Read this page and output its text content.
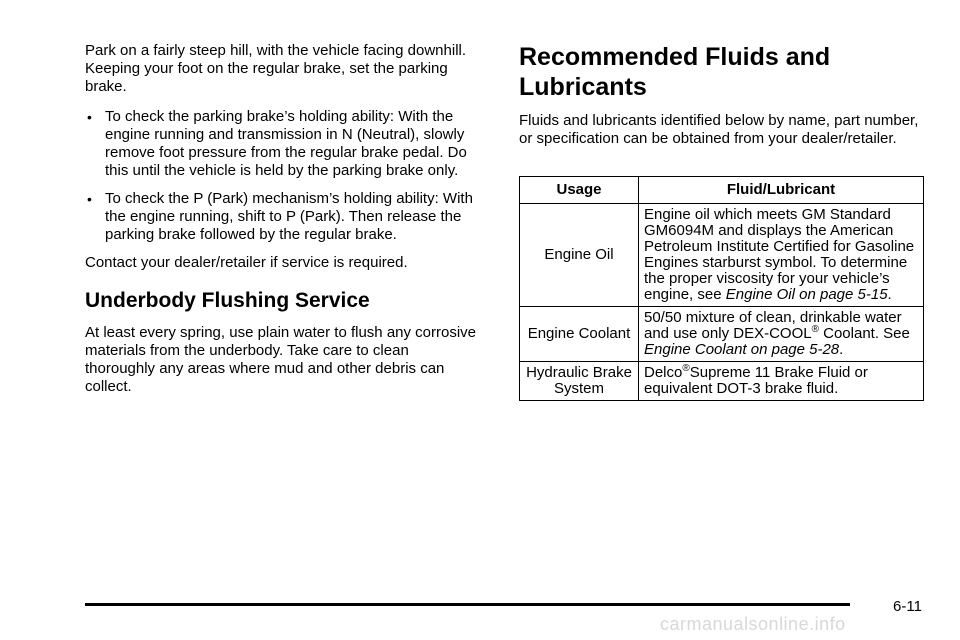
Park on a fairly steep hill, with the vehicle facing downhill. Keeping your foot on the regular brake, set the parking brake.

• To check the parking brake’s holding ability: With the engine running and transmission in N (Neutral), slowly remove foot pressure from the regular brake pedal. Do this until the vehicle is held by the parking brake only.
• To check the P (Park) mechanism’s holding ability: With the engine running, shift to P (Park). Then release the parking brake followed by the regular brake.

Contact your dealer/retailer if service is required.

Underbody Flushing Service

At least every spring, use plain water to flush any corrosive materials from the underbody. Take care to clean thoroughly any areas where mud and other debris can collect.

Recommended Fluids and Lubricants

Fluids and lubricants identified below by name, part number, or specification can be obtained from your dealer/retailer.

Usage	Fluid/Lubricant
Engine Oil	Engine oil which meets GM Standard GM6094M and displays the American Petroleum Institute Certified for Gasoline Engines starburst symbol. To determine the proper viscosity for your vehicle’s engine, see Engine Oil on page 5-15.
Engine Coolant	50/50 mixture of clean, drinkable water and use only DEX-COOL® Coolant. See Engine Coolant on page 5-28.
Hydraulic Brake System	Delco®Supreme 11 Brake Fluid or equivalent DOT-3 brake fluid.
6-11
carmanualsonline.info
